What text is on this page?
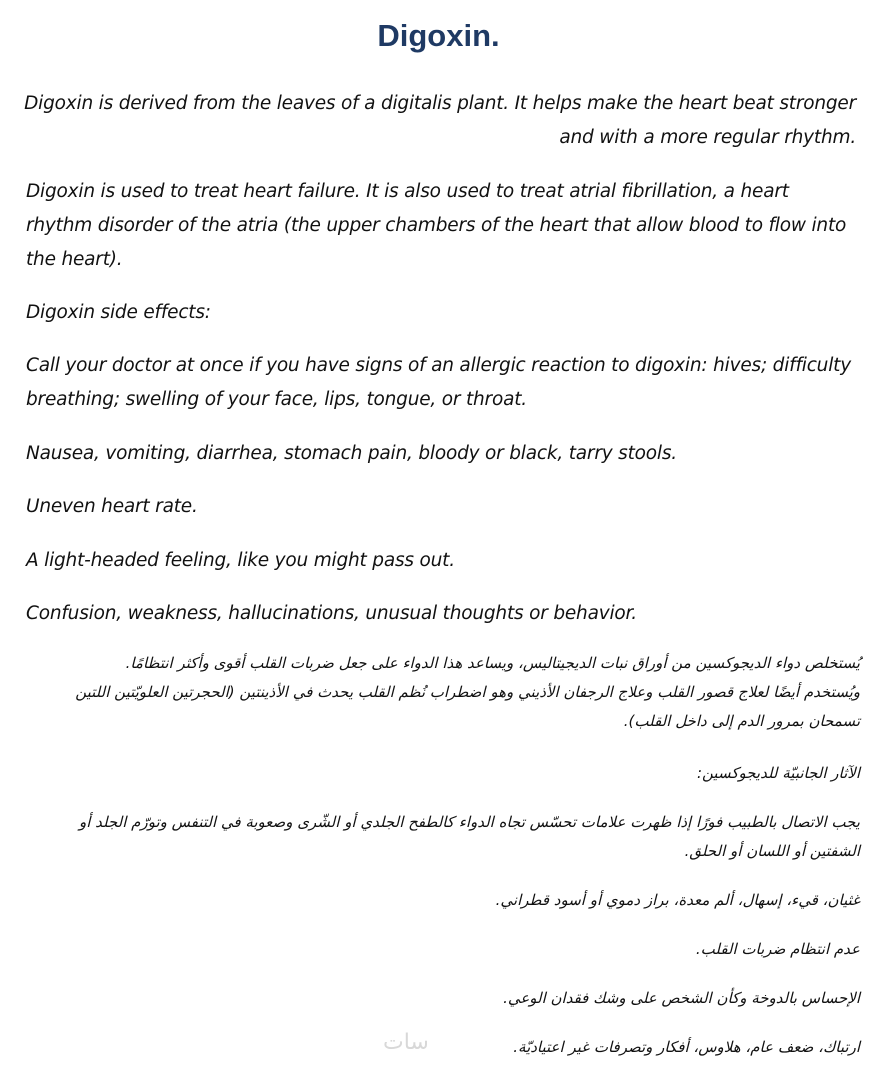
Digoxin.

Digoxin is derived from the leaves of a digitalis plant. It helps make the heart beat stronger and with a more regular rhythm.

Digoxin is used to treat heart failure. It is also used to treat atrial fibrillation, a heart rhythm disorder of the atria (the upper chambers of the heart that allow blood to flow into the heart).

Digoxin side effects:

Call your doctor at once if you have signs of an allergic reaction to digoxin: hives; difficulty breathing; swelling of your face, lips, tongue, or throat.

Nausea, vomiting, diarrhea, stomach pain, bloody or black, tarry stools.

Uneven heart rate.

A light-headed feeling, like you might pass out.

Confusion, weakness, hallucinations, unusual thoughts or behavior.

يُستخلص دواء الديجوكسين من أوراق نبات الديجيتاليس، ويساعد هذا الدواء على جعل ضربات القلب أقوى وأكثر انتظامًا. ويُستخدم أيضًا لعلاج قصور القلب وعلاج الرجفان الأذيني وهو اضطراب نُظم القلب يحدث في الأذينتين (الحجرتين العلويّتين اللتين تسمحان بمرور الدم إلى داخل القلب).

الآثار الجانبيّة للديجوكسين:

يجب الاتصال بالطبيب فورًا إذا ظهرت علامات تحسّس تجاه الدواء كالطفح الجلدي أو الشّرى وصعوبة في التنفس وتورّم الجلد أو الشفتين أو اللسان أو الحلق.

غثيان، قيء، إسهال، ألم معدة، براز دموي أو أسود قطراني.

عدم انتظام ضربات القلب.

الإحساس بالدوخة وكأن الشخص على وشك فقدان الوعي.

ارتباك، ضعف عام، هلاوس، أفكار وتصرفات غير اعتياديّة.

سات
